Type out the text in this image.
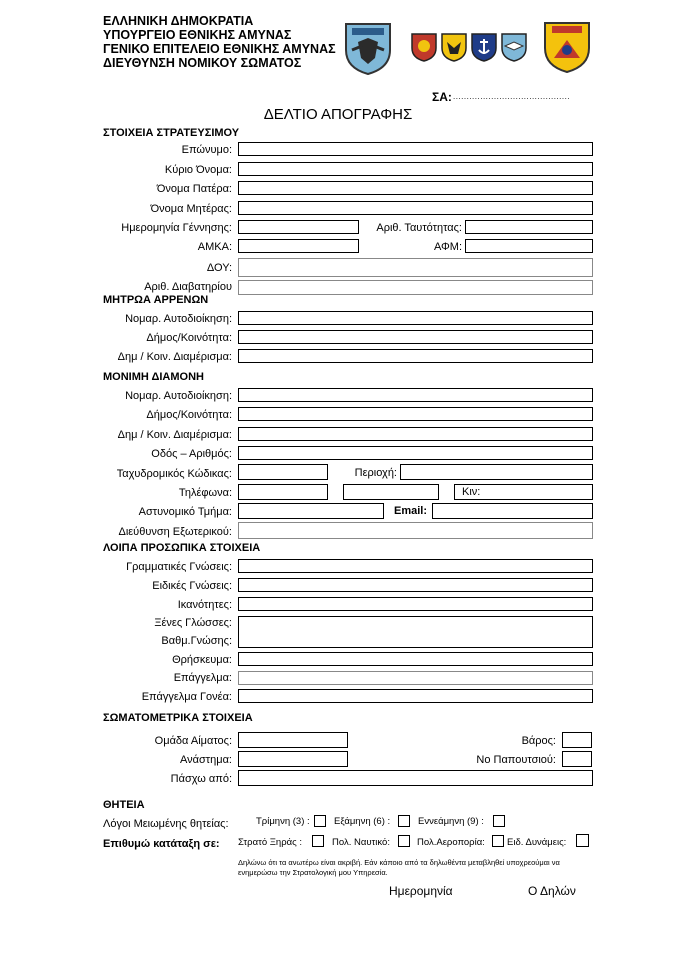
ΕΛΛΗΝΙΚΗ ΔΗΜΟΚΡΑΤΙΑ
ΥΠΟΥΡΓΕΙΟ ΕΘΝΙΚΗΣ ΑΜΥΝΑΣ
ΓΕΝΙΚΟ ΕΠΙΤΕΛΕΙΟ ΕΘΝΙΚΗΣ ΑΜΥΝΑΣ
ΔΙΕΥΘΥΝΣΗ ΝΟΜΙΚΟΥ ΣΩΜΑΤΟΣ
ΣΑ: ...........................................
ΔΕΛΤΙΟ ΑΠΟΓΡΑΦΗΣ
ΣΤΟΙΧΕΙΑ ΣΤΡΑΤΕΥΣΙΜΟΥ
Επώνυμο:
Κύριο Όνομα:
Όνομα Πατέρα:
Όνομα Μητέρας:
Ημερομηνία Γέννησης:	Αριθ. Ταυτότητας:
ΑΜΚΑ:	ΑΦΜ:
ΔΟΥ:
Αριθ. Διαβατηρίου
ΜΗΤΡΩΑ ΑΡΡΕΝΩΝ
Νομαρ. Αυτοδιοίκηση:
Δήμος/Κοινότητα:
Δημ / Κοιν. Διαμέρισμα:
ΜΟΝΙΜΗ ΔΙΑΜΟΝΗ
Νομαρ. Αυτοδιοίκηση:
Δήμος/Κοινότητα:
Δημ / Κοιν. Διαμέρισμα:
Οδός – Αριθμός:
Ταχυδρομικός Κώδικας:	Περιοχή:
Τηλέφωνα:	Κιν:
Αστυνομικό Τμήμα:	Email:
Διεύθυνση Εξωτερικού:
ΛΟΙΠΑ ΠΡΟΣΩΠΙΚΑ ΣΤΟΙΧΕΙΑ
Γραμματικές Γνώσεις:
Ειδικές Γνώσεις:
Ικανότητες:
Ξένες Γλώσσες:
Βαθμ.Γνώσης:
Θρήσκευμα:
Επάγγελμα:
Επάγγελμα Γονέα:
ΣΩΜΑΤΟΜΕΤΡΙΚΑ ΣΤΟΙΧΕΙΑ
Ομάδα Αίματος:	Βάρος:
Ανάστημα:	Νο Παπουτσιού:
Πάσχω από:
ΘΗΤΕΙΑ
Λόγοι Μειωμένης θητείας:	Τρίμηνη (3) :	Εξάμηνη (6) :	Εννεάμηνη (9) :
Επιθυμώ κατάταξη σε: Στρατό Ξηράς :	Πολ. Ναυτικό:	Πολ.Αεροπορία: Ειδ. Δυνάμεις:
Δηλώνω ότι τα ανωτέρω είναι ακριβή. Εάν κάποιο από τα δηλωθέντα μεταβληθεί υποχρεούμαι να
ενημερώσω την Στρατολογική μου Υπηρεσία.
Ημερομηνία	Ο Δηλών
